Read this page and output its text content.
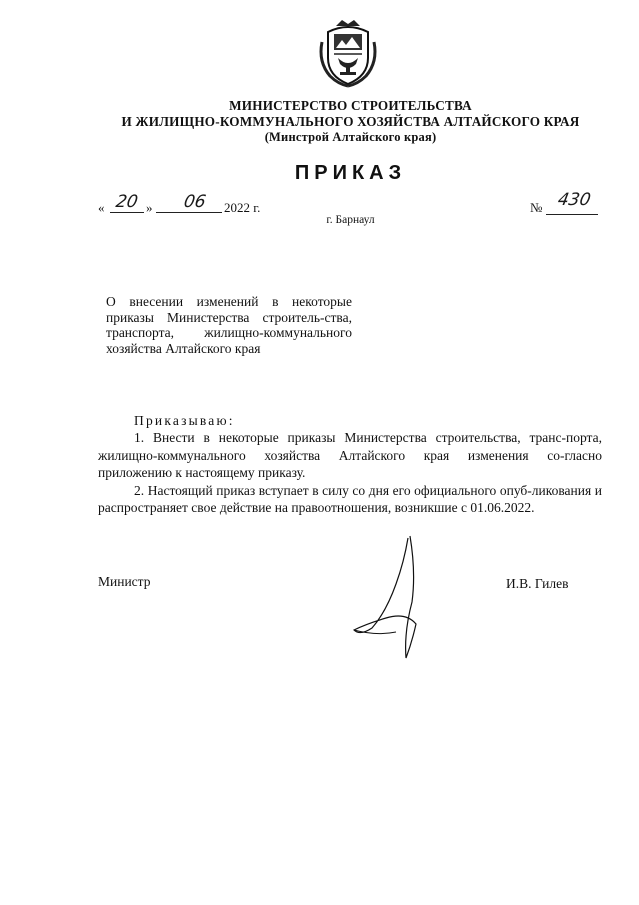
МИНИСТЕРСТВО СТРОИТЕЛЬСТВА
И ЖИЛИЩНО-КОММУНАЛЬНОГО ХОЗЯЙСТВА АЛТАЙСКОГО КРАЯ
(Минстрой Алтайского края)
ПРИКАЗ
« 20 » 06 2022 г.	№ 430
г. Барнаул
О внесении изменений в некоторые приказы Министерства строитель-ства, транспорта, жилищно-коммунального хозяйства Алтайского края
Приказываю:

1. Внести в некоторые приказы Министерства строительства, транс-порта, жилищно-коммунального хозяйства Алтайского края изменения со-гласно приложению к настоящему приказу.

2. Настоящий приказ вступает в силу со дня его официального опуб-ликования и распространяет свое действие на правоотношения, возникшие с 01.06.2022.

Министр	И.В. Гилев
